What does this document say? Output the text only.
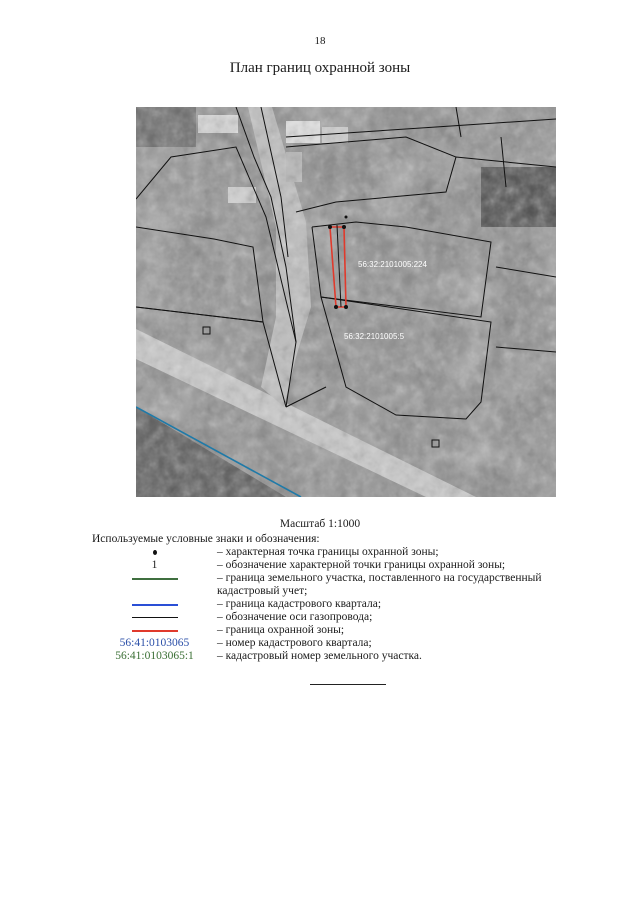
18
План границ охранной зоны
56:32:2101005:224
56:32:2101005:5
Масштаб 1:1000
Используемые условные знаки и обозначения:
– характерная точка границы охранной зоны;
1	– обозначение характерной точки границы охранной зоны;
– граница земельного участка, поставленного на государственный кадастровый учет;
– граница кадастрового квартала;
– обозначение оси газопровода;
– граница охранной зоны;
56:41:0103065 – номер кадастрового квартала;
56:41:0103065:1 – кадастровый номер земельного участка.
